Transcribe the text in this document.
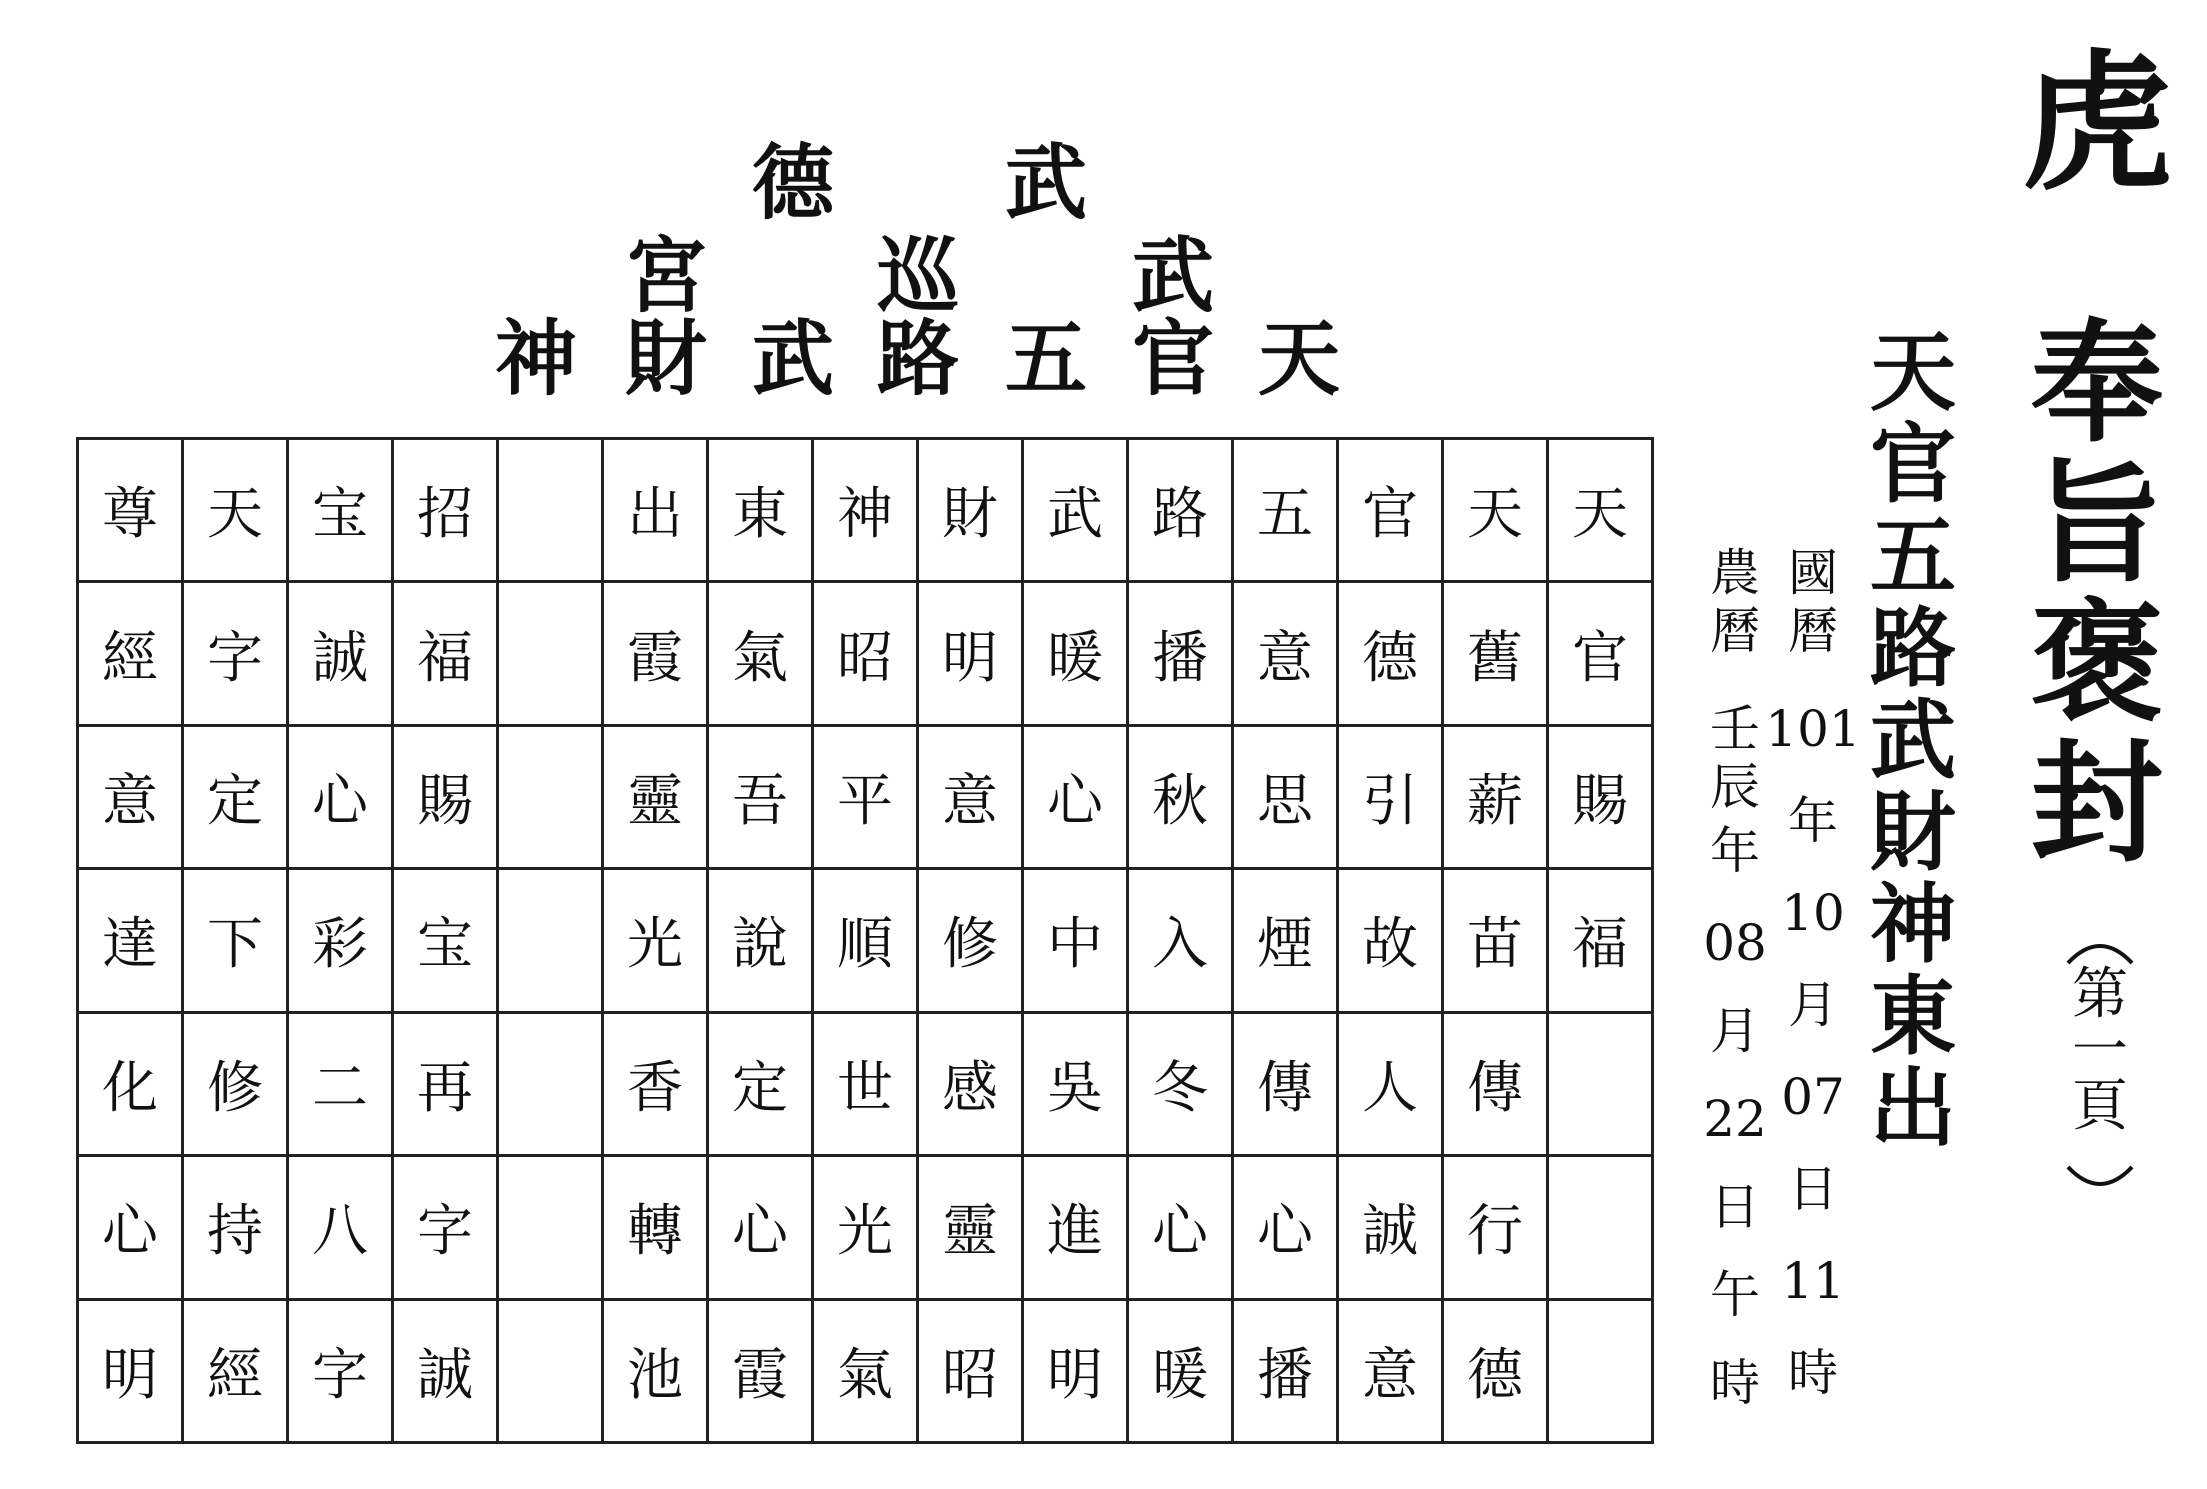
德 武
宮 巡 武
神 財 武 路 五 官 天
尊	天	宝	招		出	東	神	財	武	路	五	官	天	天
經	字	誠	福		霞	氣	昭	明	暖	播	意	德	舊	官
意	定	心	賜		靈	吾	平	意	心	秋	思	引	薪	賜
達	下	彩	宝		光	說	順	修	中	入	煙	故	苗	福
化	修	二	再		香	定	世	感	吳	冬	傳	人	傳	
心	持	八	字		轉	心	光	靈	進	心	心	誠	行	
明	經	字	誠		池	霞	氣	昭	明	暖	播	意	德	
農
曆
壬
辰
年
08
月
22
日
午
時
國
曆
101
年
10
月
07
日
11
時
天
官
五
路
武
財
神
東
出
虎
奉
旨
褒
封
第
一
頁
